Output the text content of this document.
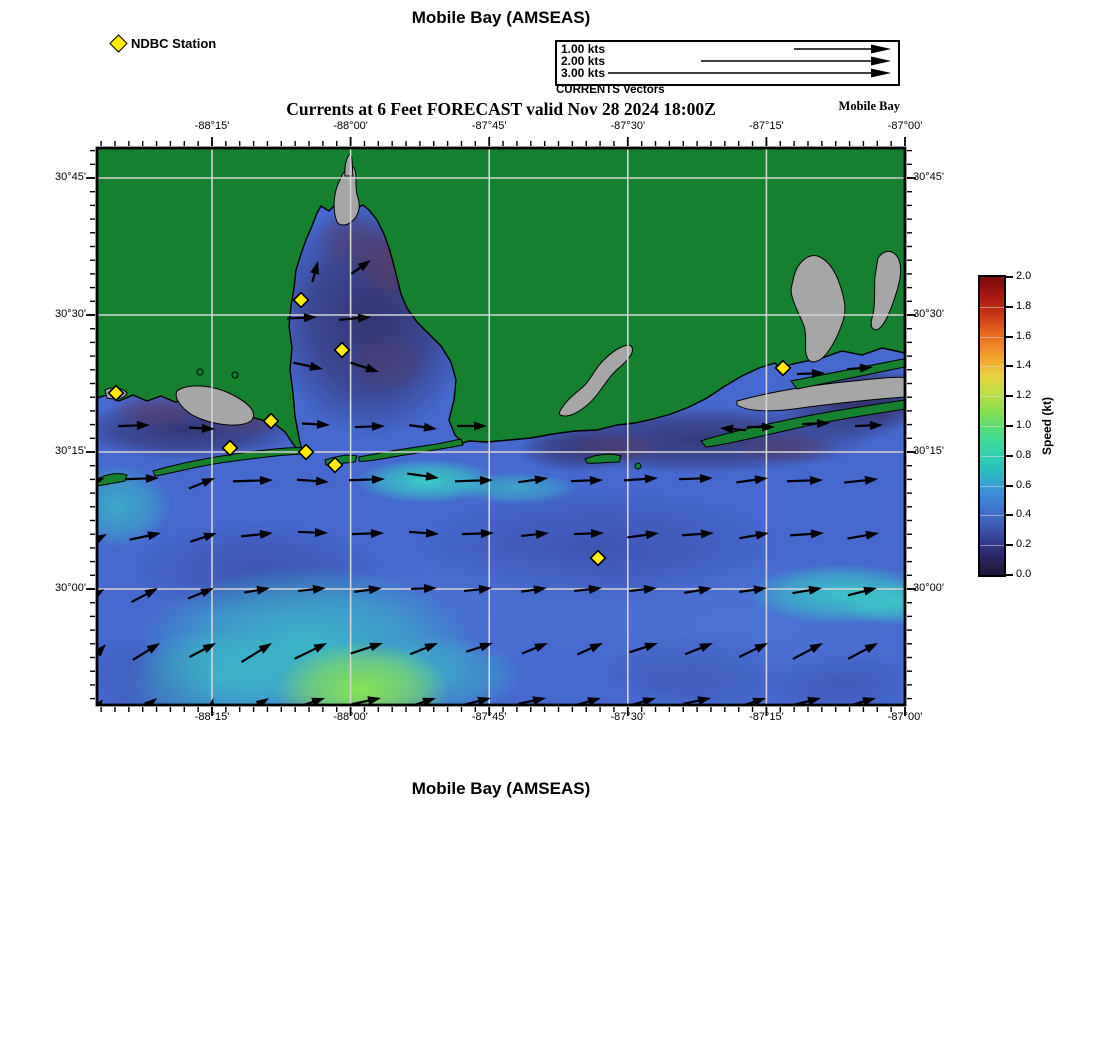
Mobile Bay (AMSEAS)
NDBC Station	1.00 kts
2.00 kts
3.00 kts
CURRENTS Vectors
Currents at 6 Feet FORECAST valid Nov 28 2024 18:00Z	Mobile Bay
-88°15'	-88°00'	-87°45'	-87°30'	-87°15'	-87°00'
-88°15'	-88°00'	-87°45'	-87°30'	-87°15'	-87°00'
30°45'
30°30'
30°15'
30°00'
30°45'
30°30'
30°15'
30°00'
2.0
1.8
1.6
1.4
1.2
1.0
0.8
0.6
0.4
0.2
0.0
Speed (kt)
Mobile Bay (AMSEAS)
